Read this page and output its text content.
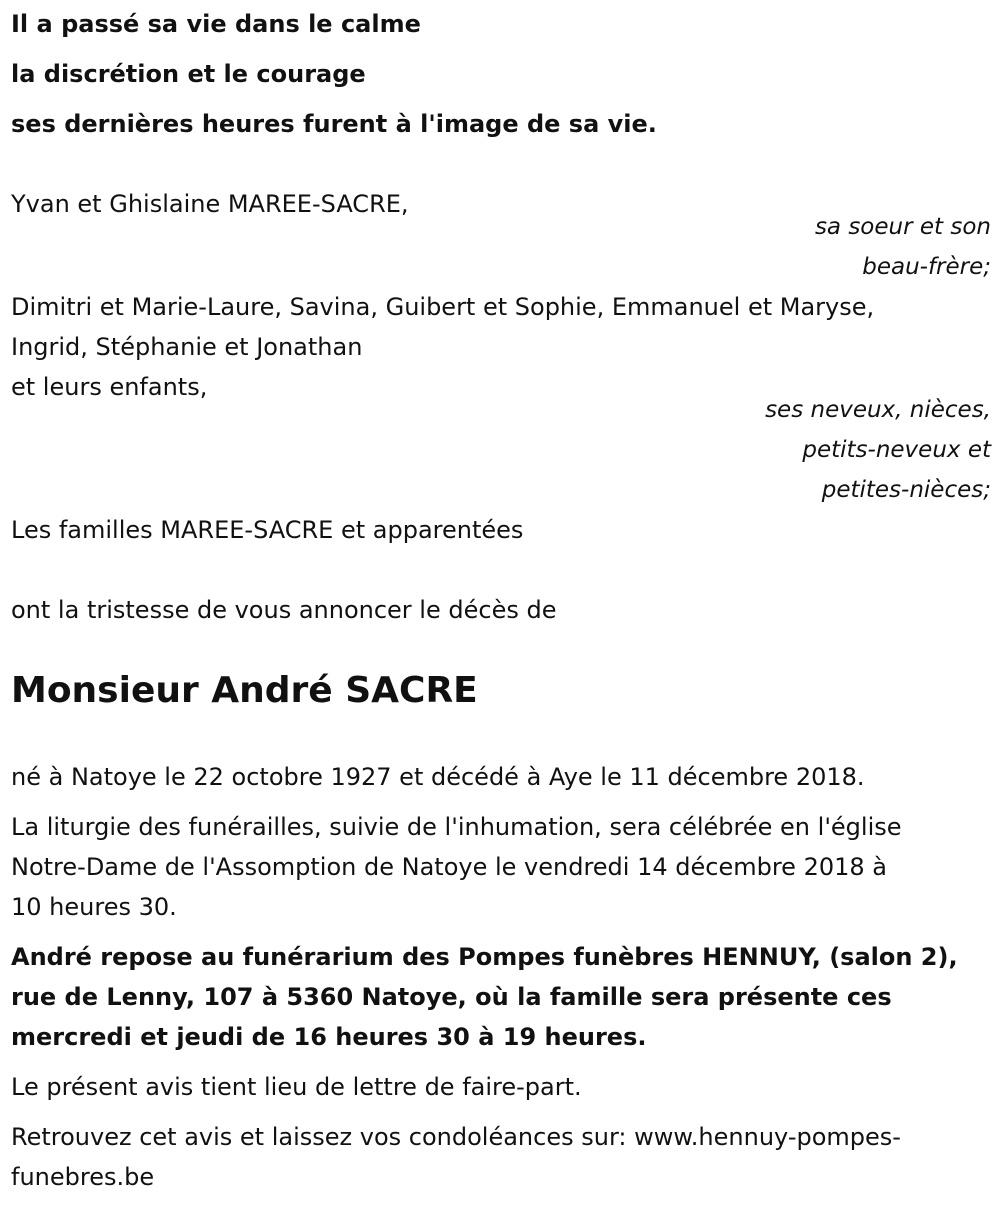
Il a passé sa vie dans le calme
la discrétion et le courage
ses dernières heures furent à l'image de sa vie.
Yvan et Ghislaine MAREE-SACRE,
sa soeur et son
beau-frère;
Dimitri et Marie-Laure, Savina, Guibert et Sophie, Emmanuel et Maryse,
Ingrid, Stéphanie et Jonathan
et leurs enfants,
ses neveux, nièces,
petits-neveux et
petites-nièces;
Les familles MAREE-SACRE et apparentées
ont la tristesse de vous annoncer le décès de
Monsieur André SACRE
né à Natoye le 22 octobre 1927 et décédé à Aye le 11 décembre 2018.
La liturgie des funérailles, suivie de l'inhumation, sera célébrée en l'église
Notre-Dame de l'Assomption de Natoye le vendredi 14 décembre 2018 à
10 heures 30.
André repose au funérarium des Pompes funèbres HENNUY, (salon 2),
rue de Lenny, 107 à 5360 Natoye, où la famille sera présente ces
mercredi et jeudi de 16 heures 30 à 19 heures.
Le présent avis tient lieu de lettre de faire-part.
Retrouvez cet avis et laissez vos condoléances sur: www.hennuy-pompes-
funebres.be
